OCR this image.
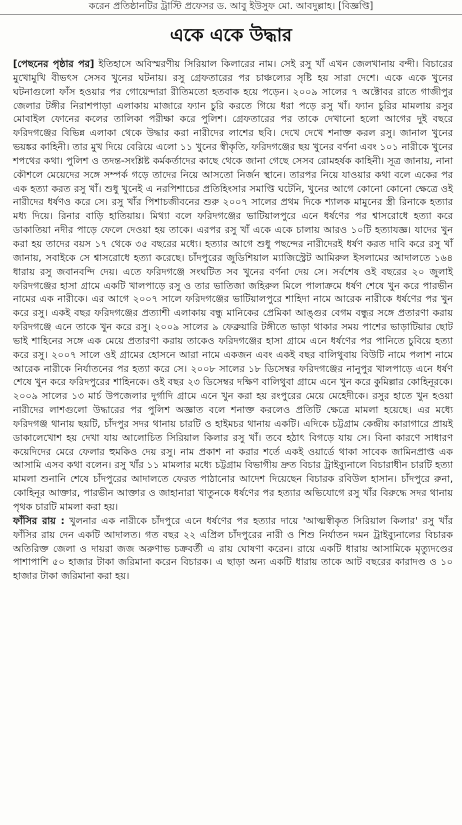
করেন প্রতিষ্ঠানটির ট্রাস্টি প্রফেসর ড. আবু ইউসুফ মো. আবদুল্লাহ। [বিজ্ঞপ্তি]
একে একে উদ্ধার

[পেছনের পৃষ্ঠার পর] ইতিহাসে অবিস্মরণীয় সিরিয়াল কিলারের নাম। সেই রসু খাঁ এখন জেলখানায় বন্দী। বিচারের মুখোমুখি বীভৎস সেসব খুনের ঘটনায়। রসু গ্রেফতারের পর চাঞ্চল্যের সৃষ্টি হয় সারা দেশে। একে একে খুনের ঘটনাগুলো ফাঁস হওয়ার পর গোয়েন্দারা রীতিমতো হতবাক হয়ে পড়েন। ২০০৯ সালের ৭ অক্টোবর রাতে গাজীপুর জেলার টঙ্গীর নিরাশপাড়া এলাকায় মাজারে ফ্যান চুরি করতে গিয়ে ধরা পড়ে রসু খাঁ। ফ্যান চুরির মামলায় রসুর মোবাইল ফোনের কলের তালিকা পরীক্ষা করে পুলিশ। গ্রেফতারের পর তাকে দেখানো হলো আগের দুই বছরে ফরিদগঞ্জের বিভিন্ন এলাকা থেকে উদ্ধার করা নারীদের লাশের ছবি। দেখে দেখে শনাক্ত করল রসু। জানাল খুনের ভয়ঙ্কর কাহিনী। তার মুখ দিয়ে বেরিয়ে এলো ১১ খুনের স্বীকৃতি, ফরিদগঞ্জের ছয় খুনের বর্ণনা এবং ১০১ নারীকে খুনের শপথের কথা। পুলিশ ও তদন্ত-সংশ্লিষ্ট কর্মকর্তাদের কাছে থেকে জানা গেছে সেসব রোমহর্ষক কাহিনী। সূত্র জানায়, নানা কৌশলে মেয়েদের সঙ্গে সম্পর্ক গড়ে তাদের নিয়ে আসতো নির্জন স্থানে। তারপর নিয়ে যাওয়ার কথা বলে একের পর এক হত্যা করত রসু খাঁ। শুধু খুনেই এ নরপিশাচের প্রতিহিংসার সমাপ্তি ঘটেনি, খুনের আগে কোনো কোনো ক্ষেত্রে ওই নারীদের ধর্ষণও করে সে। রসু খাঁর পিশাচজীবনের শুরু ২০০৭ সালের প্রথম দিকে শ্যালক মামুনের স্ত্রী রিনাকে হত্যার মধ্য দিয়ে। রিনার বাড়ি হাতিয়ায়। মিথ্যা বলে ফরিদগঞ্জের ভাটিয়ালপুরে এনে ধর্ষণের পর শ্বাসরোধে হত্যা করে ডাকাতিয়া নদীর পাড়ে ফেলে দেওয়া হয় তাকে। এরপর রসু খাঁ একে একে চালায় আরও ১০টি হত্যাযজ্ঞ। যাদের খুন করা হয় তাদের বয়স ১৭ থেকে ৩৫ বছরের মধ্যে। হত্যার আগে শুধু পছন্দের নারীদেরই ধর্ষণ করত দাবি করে রসু খাঁ জানায়, সবাইকে সে শ্বাসরোধে হত্যা করেছে। চাঁদপুরের জুডিশিয়াল ম্যাজিস্ট্রেট আমিরুল ইসলামের আদালতে ১৬৪ ধারায় রসু জবানবন্দি দেয়। এতে ফরিদগঞ্জে সংঘটিত সব খুনের বর্ণনা দেয় সে। সর্বশেষ ওই বছরের ২০ জুলাই ফরিদগঞ্জের হাসা গ্রামে একটি খালপাড়ে রসু ও তার ভাতিজা জহিরুল মিলে পালাক্রমে ধর্ষণ শেষে খুন করে পারভীন নামের এক নারীকে। এর আগে ২০০৭ সালে ফরিদগঞ্জের ভাটিয়ালপুরে শাহিদা নামে আরেক নারীকে ধর্ষণের পর খুন করে রসু। একই বছর ফরিদগঞ্জের প্রত্যাশী এলাকায় বন্ধু মানিকের প্রেমিকা আঙ্গুর বেগম বন্ধুর সঙ্গে প্রতারণা করায় ফরিদগঞ্জে এনে তাকে খুন করে রসু। ২০০৯ সালের ৯ ফেব্রুয়ারি টঙ্গীতে ভাড়া থাকার সময় পাশের ভাড়াটিয়ার ছোট ভাই শাহিনের সঙ্গে এক মেয়ে প্রতারণা করায় তাকেও ফরিদগঞ্জের হাসা গ্রামে এনে ধর্ষণের পর পানিতে চুবিয়ে হত্যা করে রসু। ২০০৭ সালে ওই গ্রামের হোসনে আরা নামে একজন এবং একই বছর বালিথুবায় বিউটি নামে পলাশ নামে আরেক নারীকে নির্যাতনের পর হত্যা করে সে। ২০০৮ সালের ১৮ ডিসেম্বর ফরিদগঞ্জের নানুপুর খালপাড়ে এনে ধর্ষণ শেষে খুন করে ফরিদপুরের শাহিনকে। ওই বছর ২৩ ডিসেম্বর দক্ষিণ বালিথুবা গ্রামে এনে খুন করে কুমিল্লার কোহিনূরকে। ২০০৯ সালের ১৩ মার্চ উপজেলার দুর্গাদি গ্রামে এনে খুন করা হয় রংপুরের মেয়ে মেহেদীকে। রসুর হাতে খুন হওয়া নারীদের লাশগুলো উদ্ধারের পর পুলিশ অজ্ঞাত বলে শনাক্ত করলেও প্রতিটি ক্ষেত্রে মামলা হয়েছে। এর মধ্যে ফরিদগঞ্জ থানায় ছয়টি, চাঁদপুর সদর থানায় চারটি ও হাইমচর থানায় একটি। এদিকে চট্টগ্রাম কেন্দ্রীয় কারাগারে প্রায়ই ডাকালেখোশ হয় দেখা যায় আলোচিত সিরিয়াল কিলার রসু খাঁ। তবে হঠাৎ বিগড়ে যায় সে। বিনা কারণে সাধারণ কয়েদিদের মেরে ফেলার হুমকিও দেয় রসু। নাম প্রকাশ না করার শর্তে একই ওয়ার্ডে থাকা সাবেক জামিনপ্রাপ্ত এক আসামি এসব কথা বলেন। রসু খাঁর ১১ মামলার মধ্যে চট্টগ্রাম বিভাগীয় দ্রুত বিচার ট্রাইব্যুনালে বিচারাধীন চারটি হত্যা মামলা শুনানি শেষে চাঁদপুরের আদালতে ফেরত পাঠানোর আদেশ দিয়েছেন বিচারক রবিউল হাসান। চাঁদপুরে রুনা, কোহিনূর আক্তার, পারভীন আক্তার ও জাহানারা খাতুনকে ধর্ষণের পর হত্যার অভিযোগে রসু খাঁর বিরুদ্ধে সদর থানায় পৃথক চারটি মামলা করা হয়।

ফাঁসির রায় : খুলনার এক নারীকে চাঁদপুরে এনে ধর্ষণের পর হত্যার দায়ে 'আত্মস্বীকৃত সিরিয়াল কিলার' রসু খাঁর ফাঁসির রায় দেন একটি আদালত। গত বছর ২২ এপ্রিল চাঁদপুরের নারী ও শিশু নির্যাতন দমন ট্রাইব্যুনালের বিচারক অতিরিক্ত জেলা ও দায়রা জজ অরুণাভ চক্রবর্তী এ রায় ঘোষণা করেন। রায়ে একটি ধারায় আসামিকে মৃত্যুদণ্ডের পাশাপাশি ৫০ হাজার টাকা জরিমানা করেন বিচারক। এ ছাড়া অন্য একটি ধারায় তাকে আট বছরের কারাদণ্ড ও ১০ হাজার টাকা জরিমানা করা হয়।
